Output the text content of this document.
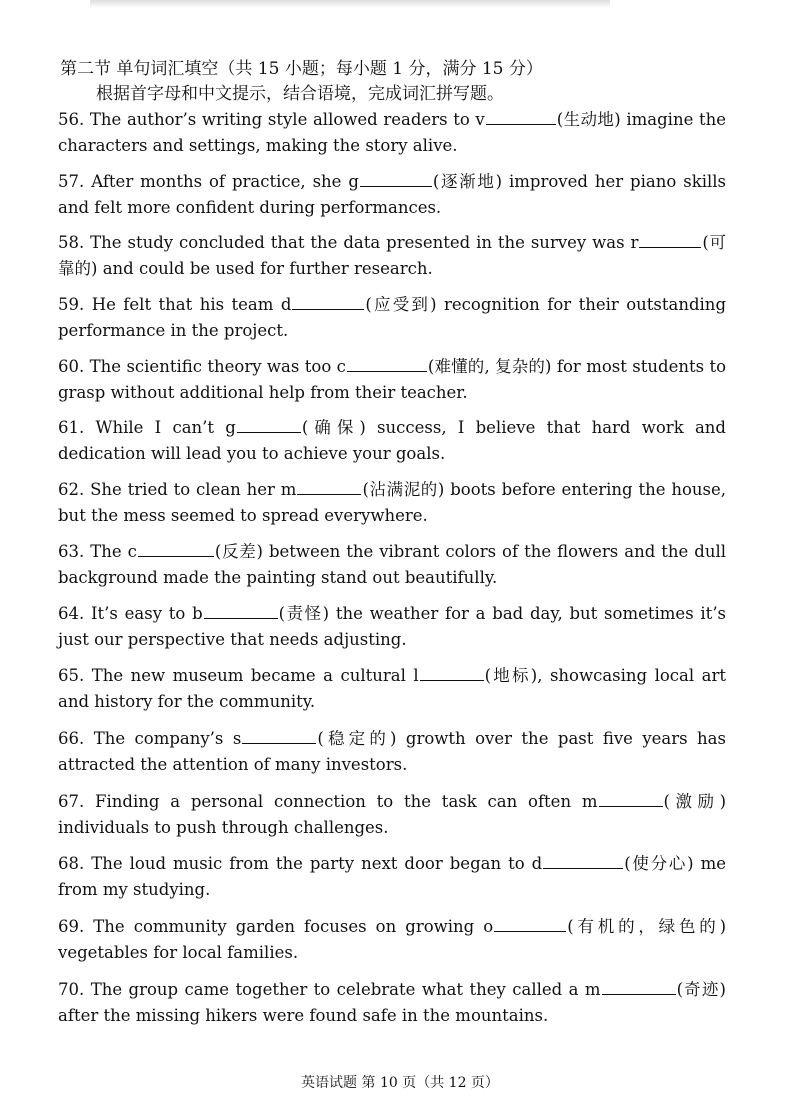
第二节 单句词汇填空（共 15 小题；每小题 1 分，满分 15 分）
根据首字母和中文提示，结合语境，完成词汇拼写题。
56. The author’s writing style allowed readers to v	(生动地) imagine the characters and settings, making the story alive.
57. After months of practice, she g	(逐渐地) improved her piano skills and felt more confident during performances.
58. The study concluded that the data presented in the survey was r	(可靠的) and could be used for further research.
59. He felt that his team d	(应受到) recognition for their outstanding performance in the project.
60. The scientific theory was too c	(难懂的, 复杂的) for most students to grasp without additional help from their teacher.
61. While I can’t g	(确保) success, I believe that hard work and dedication will lead you to achieve your goals.
62. She tried to clean her m	(沾满泥的) boots before entering the house, but the mess seemed to spread everywhere.
63. The c	(反差) between the vibrant colors of the flowers and the dull background made the painting stand out beautifully.
64. It’s easy to b	(责怪) the weather for a bad day, but sometimes it’s just our perspective that needs adjusting.
65. The new museum became a cultural l	(地标), showcasing local art and history for the community.
66. The company’s s	(稳定的) growth over the past five years has attracted the attention of many investors.
67. Finding a personal connection to the task can often m	(激励) individuals to push through challenges.
68. The loud music from the party next door began to d	(使分心) me from my studying.
69. The community garden focuses on growing o	(有机的，绿色的) vegetables for local families.
70. The group came together to celebrate what they called a m	(奇迹) after the missing hikers were found safe in the mountains.
英语试题 第 10 页（共 12 页）
